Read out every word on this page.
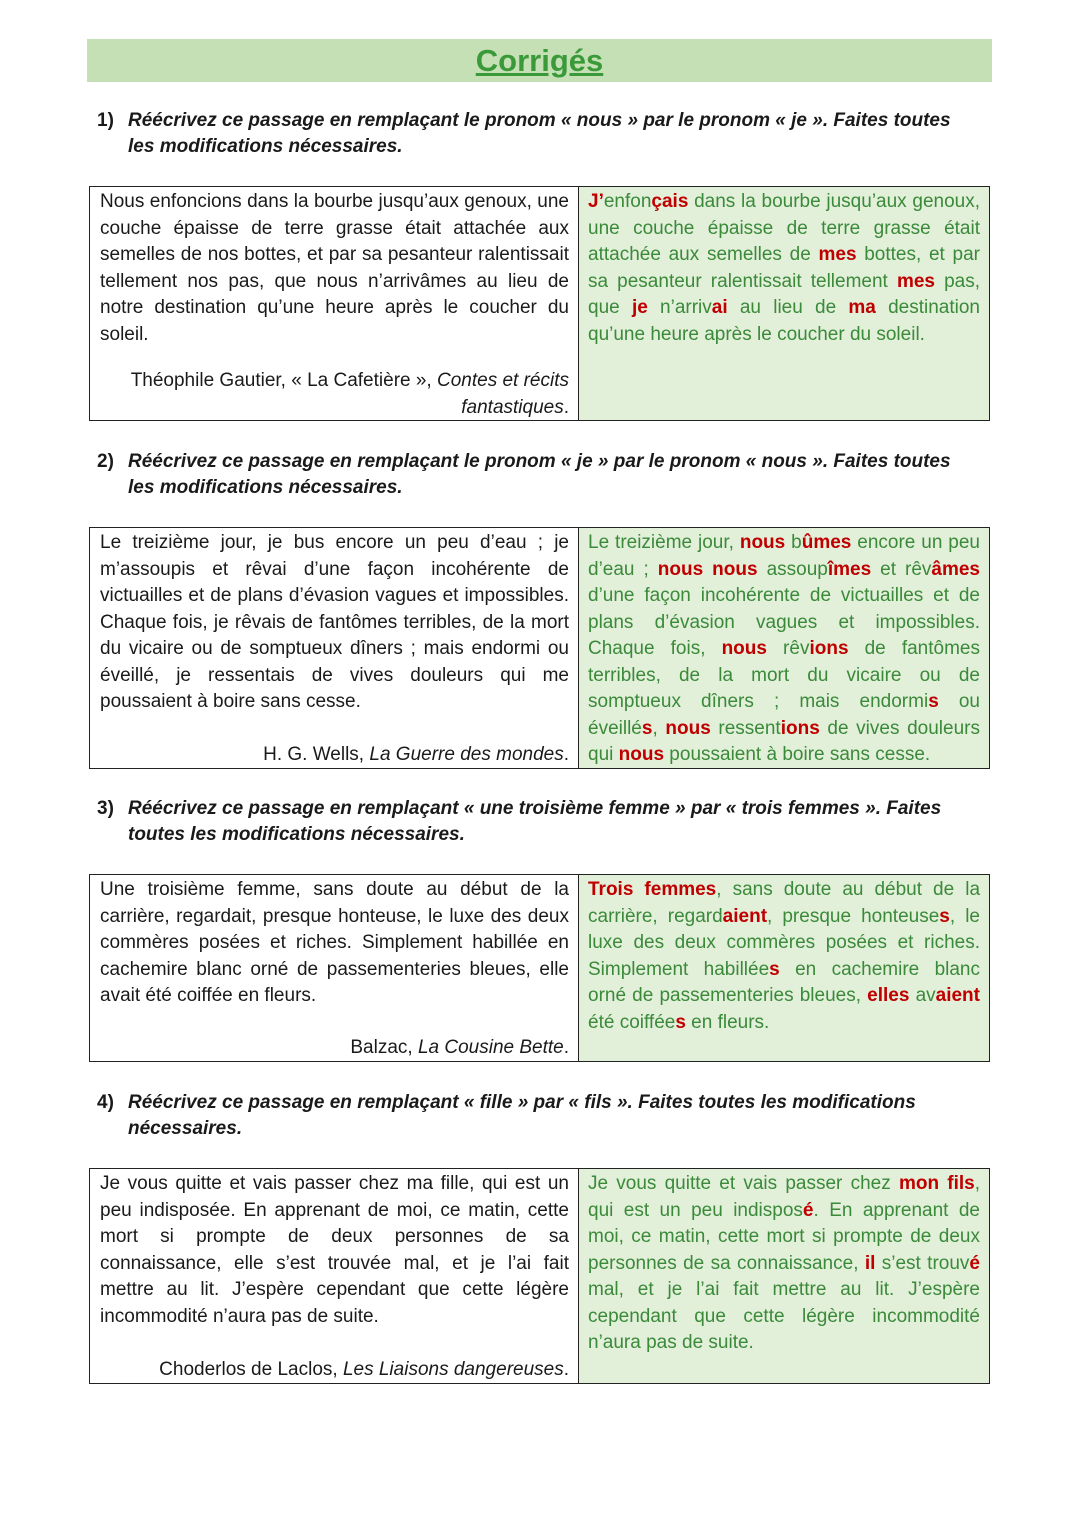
Corrigés
1) Réécrivez ce passage en remplaçant le pronom « nous » par le pronom « je ». Faites toutes les modifications nécessaires.
Nous enfoncions dans la bourbe jusqu’aux genoux, une couche épaisse de terre grasse était attachée aux semelles de nos bottes, et par sa pesanteur ralentissait tellement nos pas, que nous n’arrivâmes au lieu de notre destination qu’une heure après le coucher du soleil.
Théophile Gautier, « La Cafetière », Contes et récits fantastiques.
J’enfonçais dans la bourbe jusqu’aux genoux, une couche épaisse de terre grasse était attachée aux semelles de mes bottes, et par sa pesanteur ralentissait tellement mes pas, que je n’arrivai au lieu de ma destination qu’une heure après le coucher du soleil.
2) Réécrivez ce passage en remplaçant le pronom « je » par le pronom « nous ». Faites toutes les modifications nécessaires.
Le treizième jour, je bus encore un peu d’eau ; je m’assoupis et rêvai d’une façon incohérente de victuailles et de plans d’évasion vagues et impossibles. Chaque fois, je rêvais de fantômes terribles, de la mort du vicaire ou de somptueux dîners ; mais endormi ou éveillé, je ressentais de vives douleurs qui me poussaient à boire sans cesse.
H. G. Wells, La Guerre des mondes.
Le treizième jour, nous bûmes encore un peu d’eau ; nous nous assoupîmes et rêvâmes d’une façon incohérente de victuailles et de plans d’évasion vagues et impossibles. Chaque fois, nous rêvions de fantômes terribles, de la mort du vicaire ou de somptueux dîners ; mais endormis ou éveillés, nous ressentions de vives douleurs qui nous poussaient à boire sans cesse.
3) Réécrivez ce passage en remplaçant « une troisième femme » par « trois femmes ». Faites toutes les modifications nécessaires.
Une troisième femme, sans doute au début de la carrière, regardait, presque honteuse, le luxe des deux commères posées et riches. Simplement habillée en cachemire blanc orné de passementeries bleues, elle avait été coiffée en fleurs.
Balzac, La Cousine Bette.
Trois femmes, sans doute au début de la carrière, regardaient, presque honteuses, le luxe des deux commères posées et riches. Simplement habillées en cachemire blanc orné de passementeries bleues, elles avaient été coiffées en fleurs.
4) Réécrivez ce passage en remplaçant « fille » par « fils ». Faites toutes les modifications nécessaires.
Je vous quitte et vais passer chez ma fille, qui est un peu indisposée. En apprenant de moi, ce matin, cette mort si prompte de deux personnes de sa connaissance, elle s’est trouvée mal, et je l’ai fait mettre au lit. J’espère cependant que cette légère incommodité n’aura pas de suite.
Choderlos de Laclos, Les Liaisons dangereuses.
Je vous quitte et vais passer chez mon fils, qui est un peu indisposé. En apprenant de moi, ce matin, cette mort si prompte de deux personnes de sa connaissance, il s’est trouvé mal, et je l’ai fait mettre au lit. J’espère cependant que cette légère incommodité n’aura pas de suite.
